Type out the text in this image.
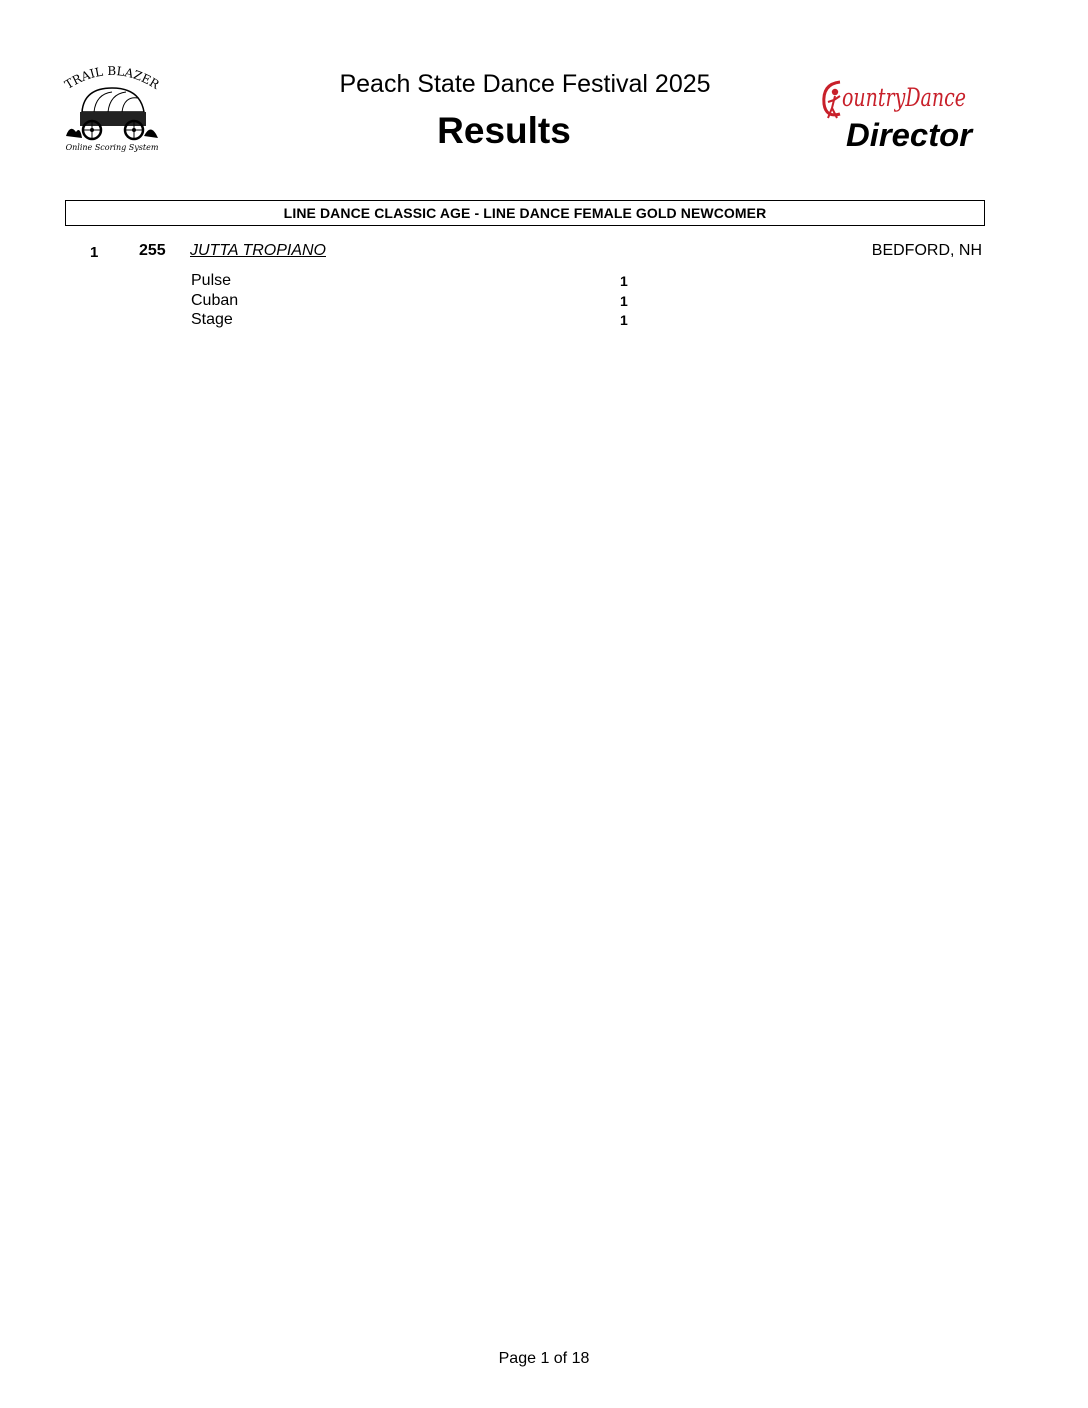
TRAIL BLAZER
Online Scoring System
Peach State Dance Festival 2025
Results
ountryDance
Director
LINE DANCE CLASSIC AGE - LINE DANCE FEMALE GOLD NEWCOMER
1	255 JUTTA TROPIANO	BEDFORD, NH
Pulse	1
Cuban	1
Stage	1
Page 1 of 18
